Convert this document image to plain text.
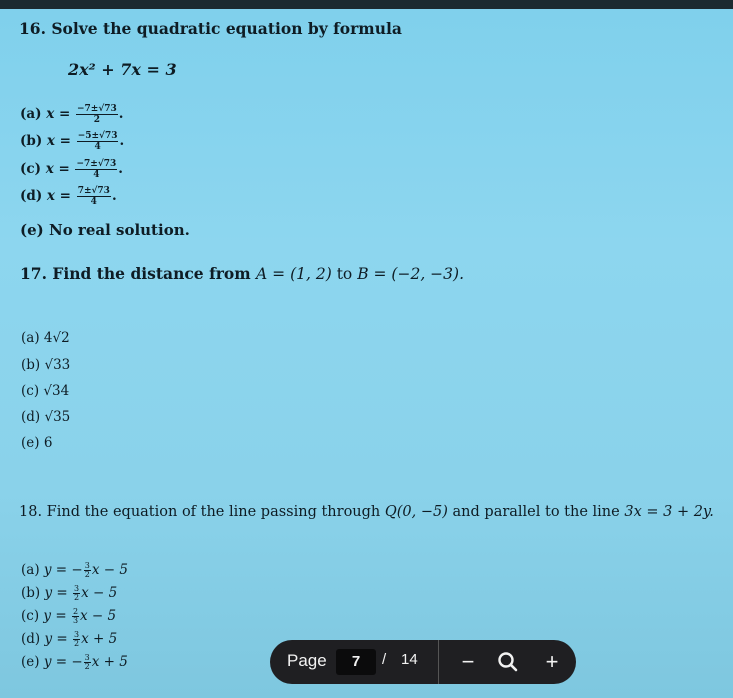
16. Solve the quadratic equation by formula
2x² + 7x = 3
(a) $x = \frac{-7\pm√73}{2}$ .
(b) $x = \frac{-5\pm√73}{4}$ .
(c) $x = \frac{-7\pm√73}{4}$ .
(d) $x = \frac{7\pm√73}{4}$ .
(e) No real solution.
17. Find the distance from A = (1, 2) to B = (−2, −3).
(a) 4√2
(b) √33
(c) √34
(d) √35
(e) 6
18. Find the equation of the line passing through Q(0, −5) and parallel to the line 3x = 3 + 2y.
(a) y = − $\frac{3}{2}$ x − 5
(b) $y = \frac{3}{2}$ x − 5
(c) $y = \frac{2}{3}$ x − 5
(d) $y = \frac{3}{2}$ x + 5
(e) y = − $\frac{3}{2}$ x + 5	Page	7	/ 14	−	+
